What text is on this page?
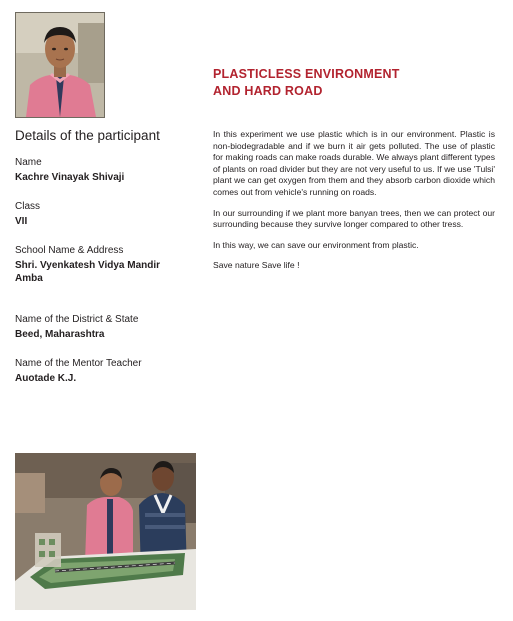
PLASTICLESS ENVIRONMENT
AND HARD ROAD
Details of the participant
Name
Kachre Vinayak Shivaji
Class
VII
School Name & Address
Shri. Vyenkatesh Vidya Mandir
Amba
Name of the District & State
Beed, Maharashtra
Name of the Mentor Teacher
Auotade K.J.

In this experiment we use plastic which is in our environment. Plastic is non-biodegradable and if we burn it air gets polluted. The use of plastic for making roads can make roads durable. We always plant different types of plants on road divider but they are not very useful to us. If we use 'Tulsi' plant we can get oxygen from them and they absorb carbon dioxide which comes out from vehicle's running on roads.

In our surrounding if we plant more banyan trees, then we can protect our surrounding because they survive longer compared to other tress.

In this way, we can save our environment from plastic.

Save nature Save life !
